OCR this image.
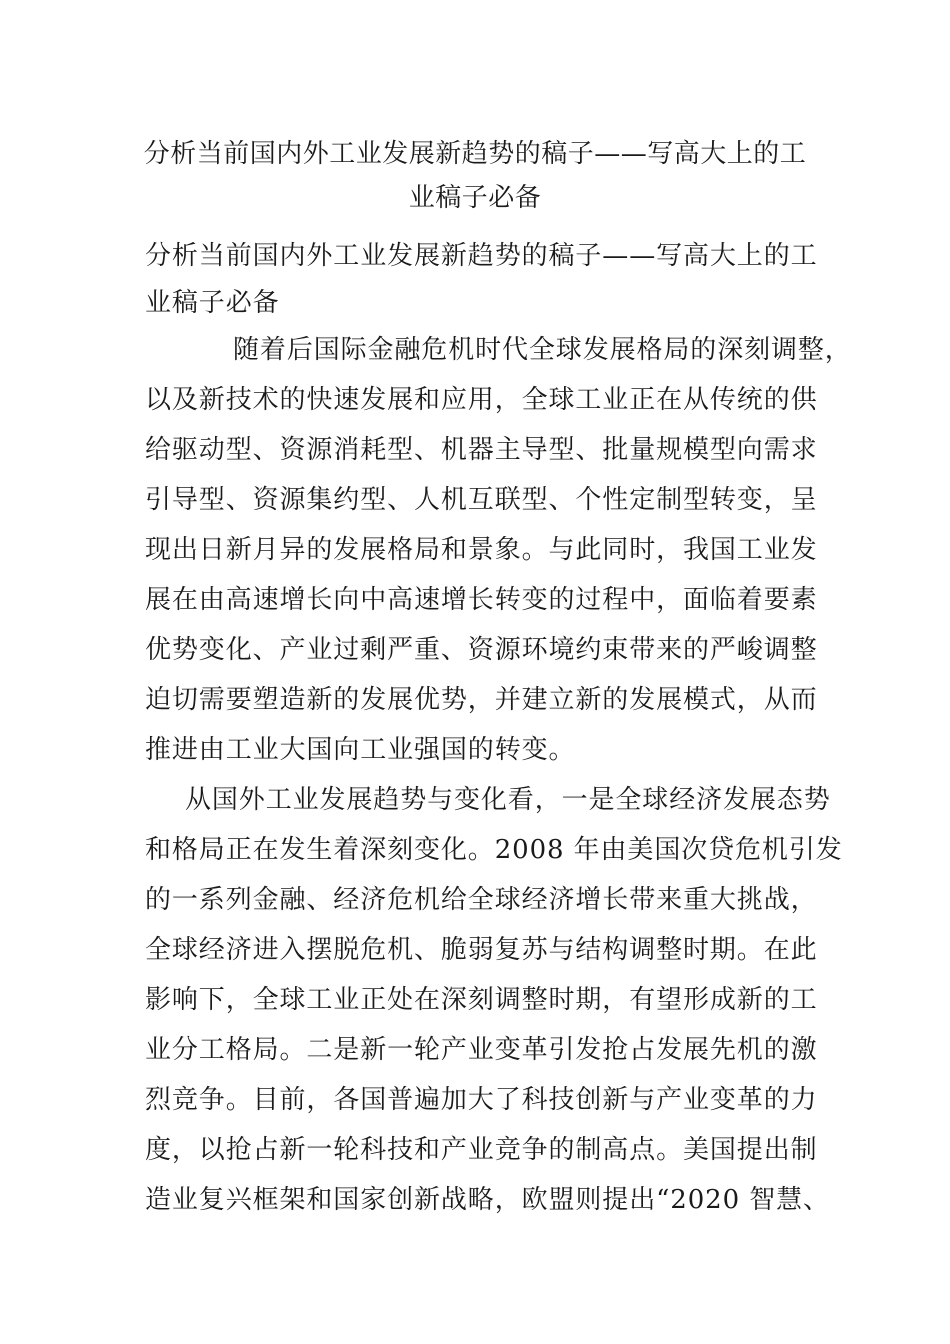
分析当前国内外工业发展新趋势的稿子——写高大上的工
业稿子必备
分析当前国内外工业发展新趋势的稿子——写高大上的工
业稿子必备
随着后国际金融危机时代全球发展格局的深刻调整，
以及新技术的快速发展和应用，全球工业正在从传统的供
给驱动型、资源消耗型、机器主导型、批量规模型向需求
引导型、资源集约型、人机互联型、个性定制型转变，呈
现出日新月异的发展格局和景象。与此同时，我国工业发
展在由高速增长向中高速增长转变的过程中，面临着要素
优势变化、产业过剩严重、资源环境约束带来的严峻调整
迫切需要塑造新的发展优势，并建立新的发展模式，从而
推进由工业大国向工业强国的转变。
从国外工业发展趋势与变化看，一是全球经济发展态势
和格局正在发生着深刻变化。2008 年由美国次贷危机引发
的一系列金融、经济危机给全球经济增长带来重大挑战，
全球经济进入摆脱危机、脆弱复苏与结构调整时期。在此
影响下，全球工业正处在深刻调整时期，有望形成新的工
业分工格局。二是新一轮产业变革引发抢占发展先机的激
烈竞争。目前，各国普遍加大了科技创新与产业变革的力
度，以抢占新一轮科技和产业竞争的制高点。美国提出制
造业复兴框架和国家创新战略，欧盟则提出“2020 智慧、
